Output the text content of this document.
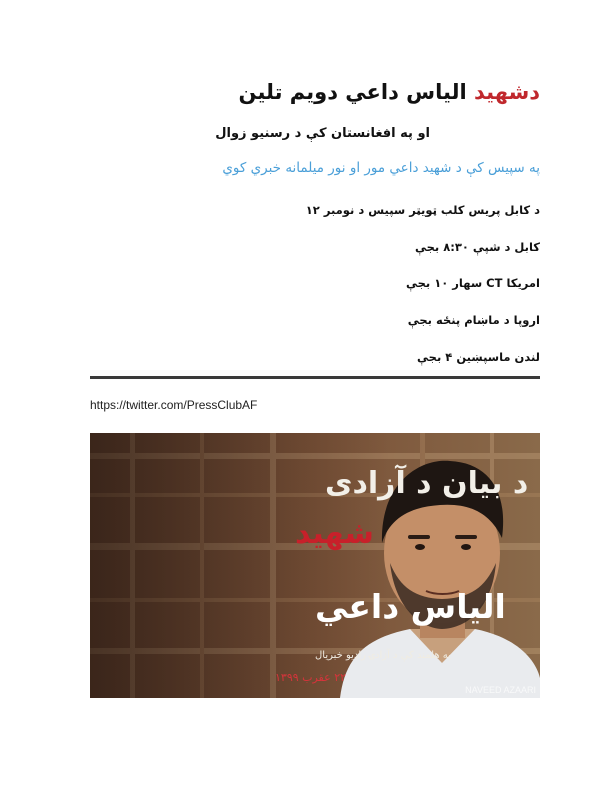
دشهيد الياس داعي دويم تلين
او په افغانستان کې د رسنيو زوال
په سپيس کې د شهيد داعي مور او نور ميلمانه خبري کوي
د کابل پريس کلب ټويټر سپيس د نومبر ۱۲
کابل د شپې ۸:۳۰ بجې
امريکا CT سهار ۱۰ بجې
اروپا د ماښام پنځه بجې
لندن ماسپښين ۴ بجې
https://twitter.com/PressClubAF
د بيان د آزادی
شهيد
الياس داعي
په هلمند کې د آزادۍ راډيو خبريال
۲۲ عقرب ۱۳۹۹
NAVEED AZAARI
